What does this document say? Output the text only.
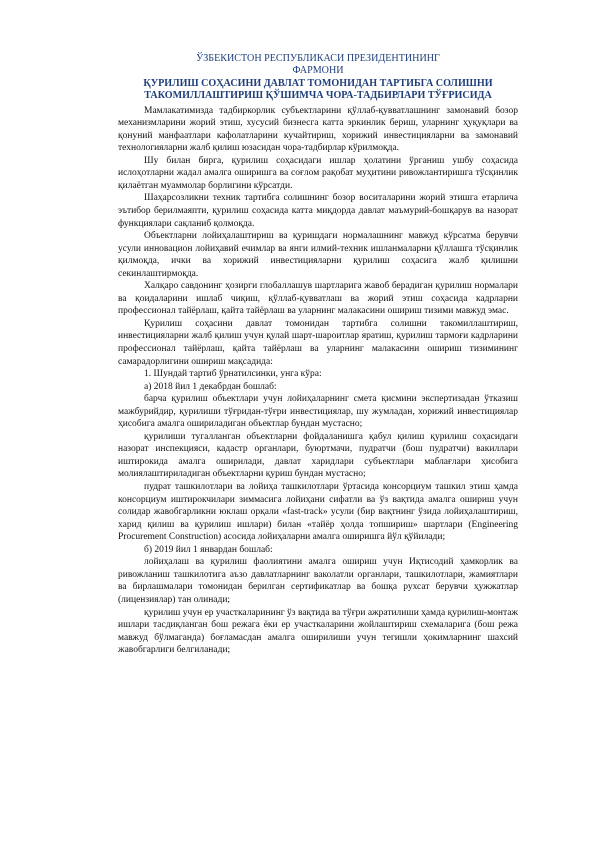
ЎЗБЕКИСТОН РЕСПУБЛИКАСИ ПРЕЗИДЕНТИНИНГ

ФАРМОНИ

ҚУРИЛИШ СОҲАСИНИ ДАВЛАТ ТОМОНИДАН ТАРТИБГА СОЛИШНИ

ТАКОМИЛЛАШТИРИШ ҚЎШИМЧА ЧОРА-ТАДБИРЛАРИ ТЎҒРИСИДА

Мамлакатимизда тадбиркорлик субъектларини қўллаб-қувватлашнинг замонавий бозор механизмларини жорий этиш, хусусий бизнесга катта эркинлик бериш, уларнинг ҳуқуқлари ва қонуний манфаатлари кафолатларини кучайтириш, хорижий инвестицияларни ва замонавий технологияларни жалб қилиш юзасидан чора-тадбирлар кўрилмоқда.

Шу билан бирга, қурилиш соҳасидаги ишлар ҳолатини ўрганиш ушбу соҳасида ислоҳотларни жадал амалга оширишга ва соғлом рақобат муҳитини ривожлантиришга тўсқинлик қилаётган муаммолар борлигини кўрсатди.

Шаҳарсозликни техник тартибга солишнинг бозор воситаларини жорий этишга етарлича эътибор берилмаяпти, қурилиш соҳасида катта миқдорда давлат маъмурий-бошқарув ва назорат функциялари сақланиб қолмоқда.

Объектларни лойиҳалаштириш ва қуришдаги нормалашнинг мавжуд кўрсатма берувчи усули инновацион лойиҳавий ечимлар ва янги илмий-техник ишланмаларни қўллашга тўсқинлик қилмоқда, ички ва хорижий инвестицияларни қурилиш соҳасига жалб қилишни секинлаштирмоқда.

Халқаро савдонинг ҳозирги глобаллашув шартларига жавоб берадиган қурилиш нормалари ва қоидаларини ишлаб чиқиш, қўллаб-қувватлаш ва жорий этиш соҳасида кадрларни профессионал тайёрлаш, қайта тайёрлаш ва уларнинг малакасини ошириш тизими мавжуд эмас.

Қурилиш соҳасини давлат томонидан тартибга солишни такомиллаштириш, инвестицияларни жалб қилиш учун қулай шарт-шароитлар яратиш, қурилиш тармоғи кадрларини профессионал тайёрлаш, қайта тайёрлаш ва уларнинг малакасини ошириш тизимининг самарадорлигини ошириш мақсадида:

1. Шундай тартиб ўрнатилсинки, унга кўра:

а) 2018 йил 1 декабрдан бошлаб:

барча қурилиш объектлари учун лойиҳаларнинг смета қисмини экспертизадан ўтказиш мажбурийдир, қурилиши тўғридан-тўғри инвестициялар, шу жумладан, хорижий инвестициялар ҳисобига амалга ошириладиган объектлар бундан мустасно;

қурилиши тугалланган объектларни фойдаланишга қабул қилиш қурилиш соҳасидаги назорат инспекцияси, кадастр органлари, буюртмачи, пудратчи (бош пудратчи) вакиллари иштирокида амалга оширилади, давлат харидлари субъектлари маблағлари ҳисобига молиялаштириладиган объектларни қуриш бундан мустасно;

пудрат ташкилотлари ва лойиҳа ташкилотлари ўртасида консорциум ташкил этиш ҳамда консорциум иштирокчилари зиммасига лойиҳани сифатли ва ўз вақтида амалга ошириш учун солидар жавобгарликни юклаш орқали «fast-track» усули (бир вақтнинг ўзида лойиҳалаштириш, харид қилиш ва қурилиш ишлари) билан «тайёр ҳолда топшириш» шартлари (Engineering Procurement Construction) асосида лойиҳаларни амалга оширишга йўл қўйилади;

б) 2019 йил 1 январдан бошлаб:

лойиҳалаш ва қурилиш фаолиятини амалга ошириш учун Иқтисодий ҳамкорлик ва ривожланиш ташкилотига аъзо давлатларнинг ваколатли органлари, ташкилотлари, жамиятлари ва бирлашмалари томонидан берилган сертификатлар ва бошқа рухсат берувчи ҳужжатлар (лицензиялар) тан олинади;

қурилиш учун ер участкаларининг ўз вақтида ва тўғри ажратилиши ҳамда қурилиш-монтаж ишлари тасдиқланган бош режага ёки ер участкаларини жойлаштириш схемаларига (бош режа мавжуд бўлмаганда) боғламасдан амалга оширилиши учун тегишли ҳокимларнинг шахсий жавобгарлиги белгиланади;
